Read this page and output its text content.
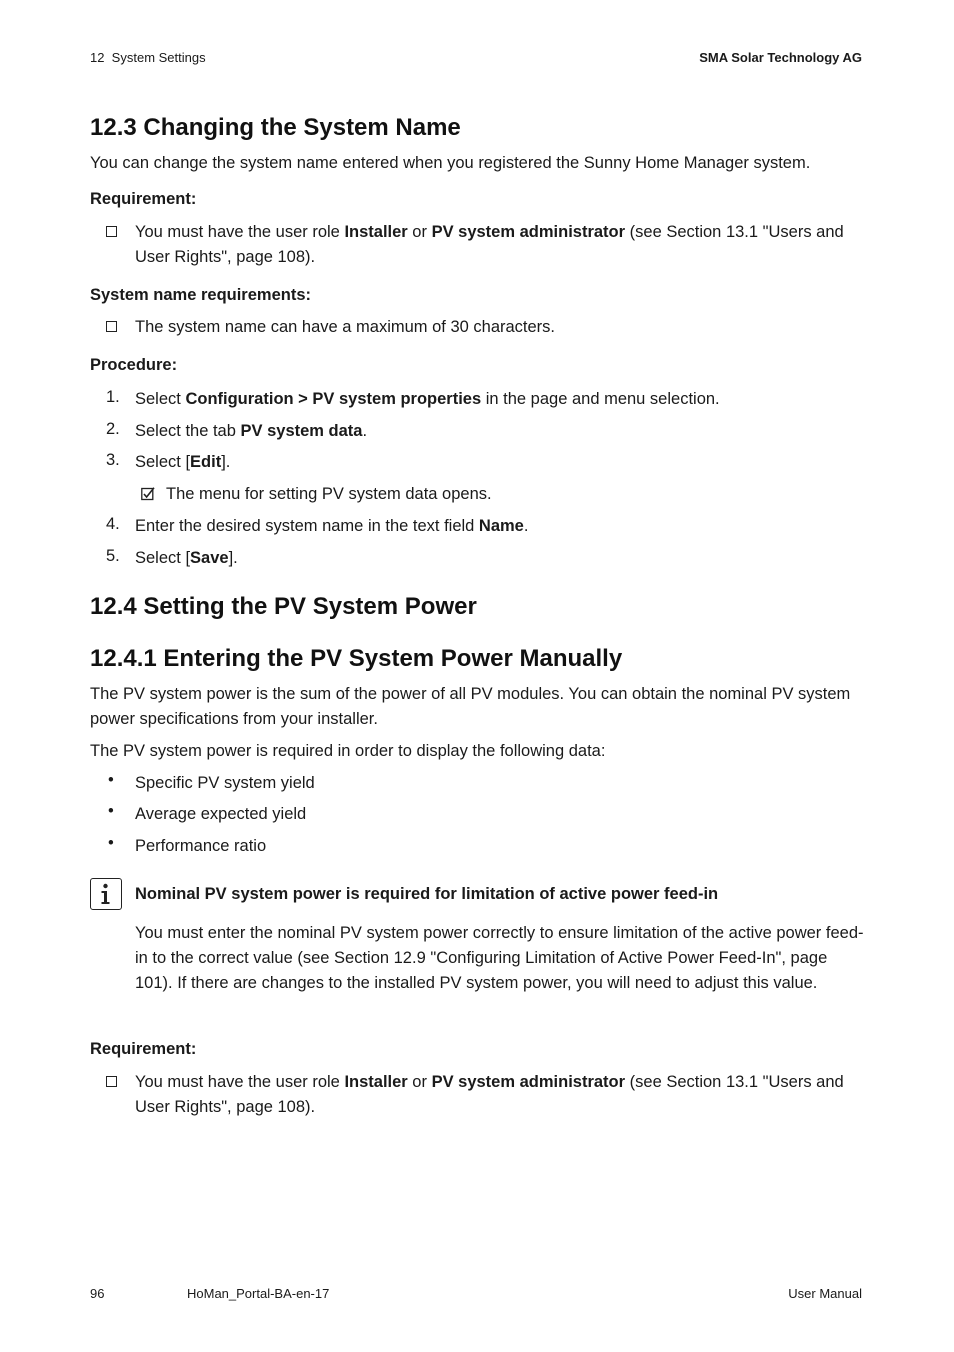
12  System Settings	SMA Solar Technology AG
12.3 Changing the System Name
You can change the system name entered when you registered the Sunny Home Manager system.
Requirement:
You must have the user role Installer or PV system administrator (see Section 13.1 "Users and User Rights", page 108).
System name requirements:
The system name can have a maximum of 30 characters.
Procedure:
1. Select Configuration > PV system properties in the page and menu selection.
2. Select the tab PV system data.
3. Select [Edit].
The menu for setting PV system data opens.
4. Enter the desired system name in the text field Name.
5. Select [Save].
12.4 Setting the PV System Power
12.4.1 Entering the PV System Power Manually
The PV system power is the sum of the power of all PV modules. You can obtain the nominal PV system power specifications from your installer.
The PV system power is required in order to display the following data:
• Specific PV system yield
• Average expected yield
• Performance ratio
Nominal PV system power is required for limitation of active power feed-in
You must enter the nominal PV system power correctly to ensure limitation of the active power feed-in to the correct value (see Section 12.9 "Configuring Limitation of Active Power Feed-In", page 101). If there are changes to the installed PV system power, you will need to adjust this value.
Requirement:
You must have the user role Installer or PV system administrator (see Section 13.1 "Users and User Rights", page 108).
96	HoMan_Portal-BA-en-17	User Manual
